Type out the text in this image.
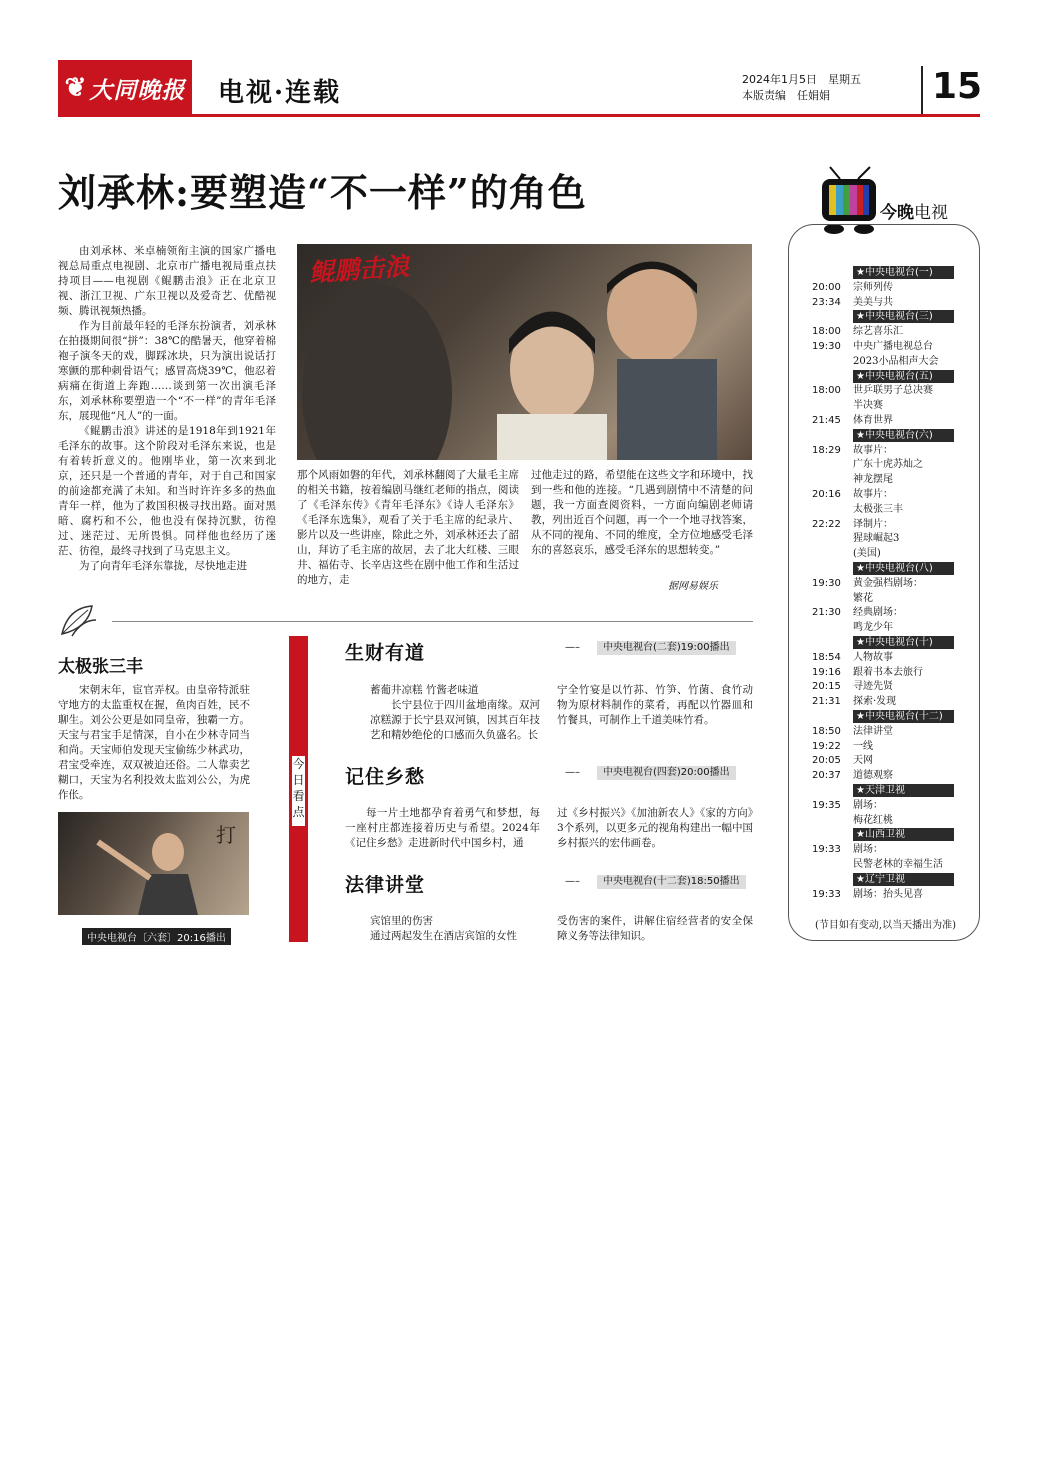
❦ 大同晚报 电视·连载	2024年1月5日　星期五
本版责编　任娟娟	15
刘承林:要塑造“不一样”的角色

由刘承林、米卓楠领衔主演的国家广播电视总局重点电视剧、北京市广播电视局重点扶持项目——电视剧《鲲鹏击浪》正在北京卫视、浙江卫视、广东卫视以及爱奇艺、优酷视频、腾讯视频热播。

作为目前最年轻的毛泽东扮演者，刘承林在拍摄期间很“拼”：38℃的酷暑天，他穿着棉袍子演冬天的戏，脚踩冰块，只为演出说话打寒颤的那种刺骨语气；感冒高烧39℃，他忍着病痛在街道上奔跑……谈到第一次出演毛泽东，刘承林称要塑造一个“不一样”的青年毛泽东，展现他“凡人”的一面。

《鲲鹏击浪》讲述的是1918年到1921年毛泽东的故事。这个阶段对毛泽东来说，也是有着转折意义的。他刚毕业，第一次来到北京，还只是一个普通的青年，对于自己和国家的前途都充满了未知。和当时许许多多的热血青年一样，他为了救国积极寻找出路。面对黑暗、腐朽和不公，他也没有保持沉默，彷徨过、迷茫过、无所畏惧。同样他也经历了迷茫、彷徨，最终寻找到了马克思主义。

为了向青年毛泽东靠拢，尽快地走进

鲲鹏击浪

那个风雨如磐的年代，刘承林翻阅了大量毛主席的相关书籍，按着编剧马继红老师的指点，阅读了《毛泽东传》《青年毛泽东》《诗人毛泽东》《毛泽东选集》，观看了关于毛主席的纪录片、影片以及一些讲座，除此之外，刘承林还去了韶山，拜访了毛主席的故居，去了北大红楼、三眼井、福佑寺、长辛店这些在剧中他工作和生活过的地方，走

过他走过的路，希望能在这些文字和环境中，找到一些和他的连接。“几遇到剧情中不清楚的问题，我一方面查阅资料，一方面向编剧老师请教，列出近百个问题，再一个一个地寻找答案，从不同的视角、不同的维度，全方位地感受毛泽东的喜怒哀乐，感受毛泽东的思想转变。”

据网易娱乐
今晚电视
★中央电视台(一)
20:00 宗师列传
23:34 美美与共
★中央电视台(三)
18:00 综艺喜乐汇
19:30 中央广播电视总台
2023小品相声大会
★中央电视台(五)
18:00 世乒联男子总决赛
半决赛
21:45 体育世界
★中央电视台(六)
18:29 故事片：
广东十虎苏灿之
神龙摆尾
20:16 故事片：
太极张三丰
22:22 译制片：
猩球崛起3
(美国)
★中央电视台(八)
19:30 黄金强档剧场：
繁花
21:30 经典剧场：
鸣龙少年
★中央电视台(十)
18:54 人物故事
19:16 跟着书本去旅行
20:15 寻迹先贤
21:31 探索·发现
★中央电视台(十二)
18:50 法律讲堂
19:22 一线
20:05 天网
20:37 道德观察
★天津卫视
19:35 剧场：
梅花红桃
★山西卫视
19:33 剧场：
民警老林的幸福生活
★辽宁卫视
19:33 剧场：抬头见喜
(节目如有变动,以当天播出为准)
太极张三丰

宋朝末年，宦官弄权。由皇帝特派驻守地方的太监重权在握，鱼肉百姓，民不聊生。刘公公更是如同皇帝，独霸一方。天宝与君宝手足情深，自小在少林寺同当和尚。天宝师伯发现天宝偷练少林武功，君宝受牵连，双双被迫还俗。二人靠卖艺糊口，天宝为名利投效太监刘公公，为虎作伥。

打
中央电视台〔六套〕20:16播出
今日看点
生财有道	—– 中央电视台(二套)19:00播出

蓄葡井凉糕 竹酱老味道

长宁县位于四川盆地南缘。双河凉糕源于长宁县双河镇，因其百年技艺和精妙绝伦的口感而久负盛名。长

宁全竹宴是以竹荪、竹笋、竹菌、食竹动物为原材料制作的菜肴，再配以竹器皿和竹餐具，可制作上千道美味竹肴。

记住乡愁	—– 中央电视台(四套)20:00播出

每一片土地都孕育着勇气和梦想，每一座村庄都连接着历史与希望。2024年《记住乡愁》走进新时代中国乡村，通

过《乡村振兴》《加油新农人》《家的方向》3个系列，以更多元的视角构建出一幅中国乡村振兴的宏伟画卷。

法律讲堂	—– 中央电视台(十二套)18:50播出

宾馆里的伤害

通过两起发生在酒店宾馆的女性

受伤害的案件，讲解住宿经营者的安全保障义务等法律知识。
